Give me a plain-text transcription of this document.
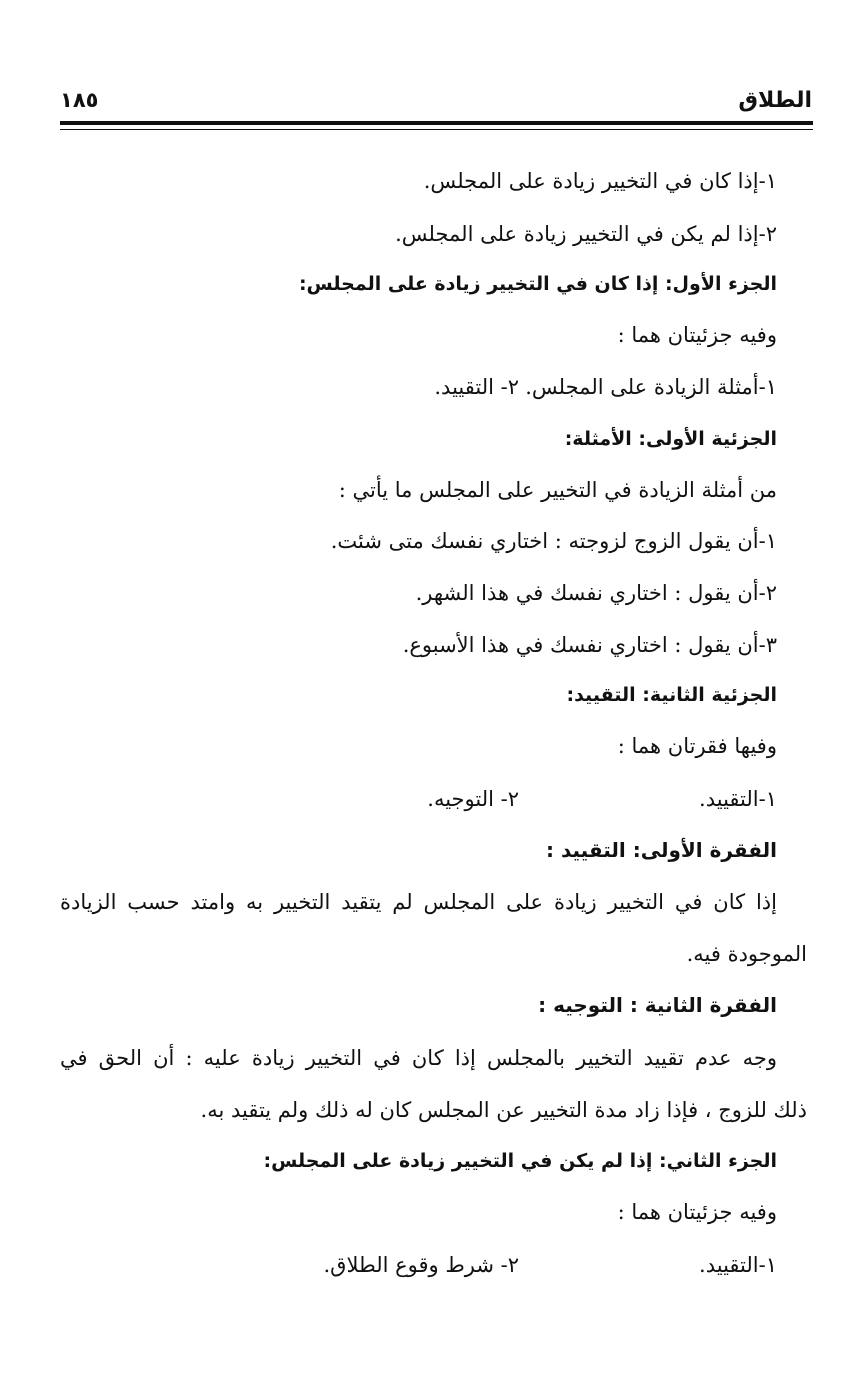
الطلاق
١٨٥
١-إذا كان في التخيير زيادة على المجلس.
٢-إذا لم يكن في التخيير زيادة على المجلس.
الجزء الأول: إذا كان في التخيير زيادة على المجلس:
وفيه جزئيتان هما :
١-أمثلة الزيادة على المجلس.
٢- التقييد.
الجزئية الأولى: الأمثلة:
من أمثلة الزيادة في التخيير على المجلس ما يأتي :
١-أن يقول الزوج لزوجته : اختاري نفسك متى شئت.
٢-أن يقول : اختاري نفسك في هذا الشهر.
٣-أن يقول : اختاري نفسك في هذا الأسبوع.
الجزئية الثانية: التقييد:
وفيها فقرتان هما :
١-التقييد.
٢- التوجيه.
الفقرة الأولى: التقييد :
إذا كان في التخيير زيادة على المجلس لم يتقيد التخيير به وامتد حسب الزيادة
الموجودة فيه.
الفقرة الثانية : التوجيه :
وجه عدم تقييد التخيير بالمجلس إذا كان في التخيير زيادة عليه : أن الحق في
ذلك للزوج ، فإذا زاد مدة التخيير عن المجلس كان له ذلك ولم يتقيد به.
الجزء الثاني: إذا لم يكن في التخيير زيادة على المجلس:
وفيه جزئيتان هما :
١-التقييد.
٢- شرط وقوع الطلاق.
